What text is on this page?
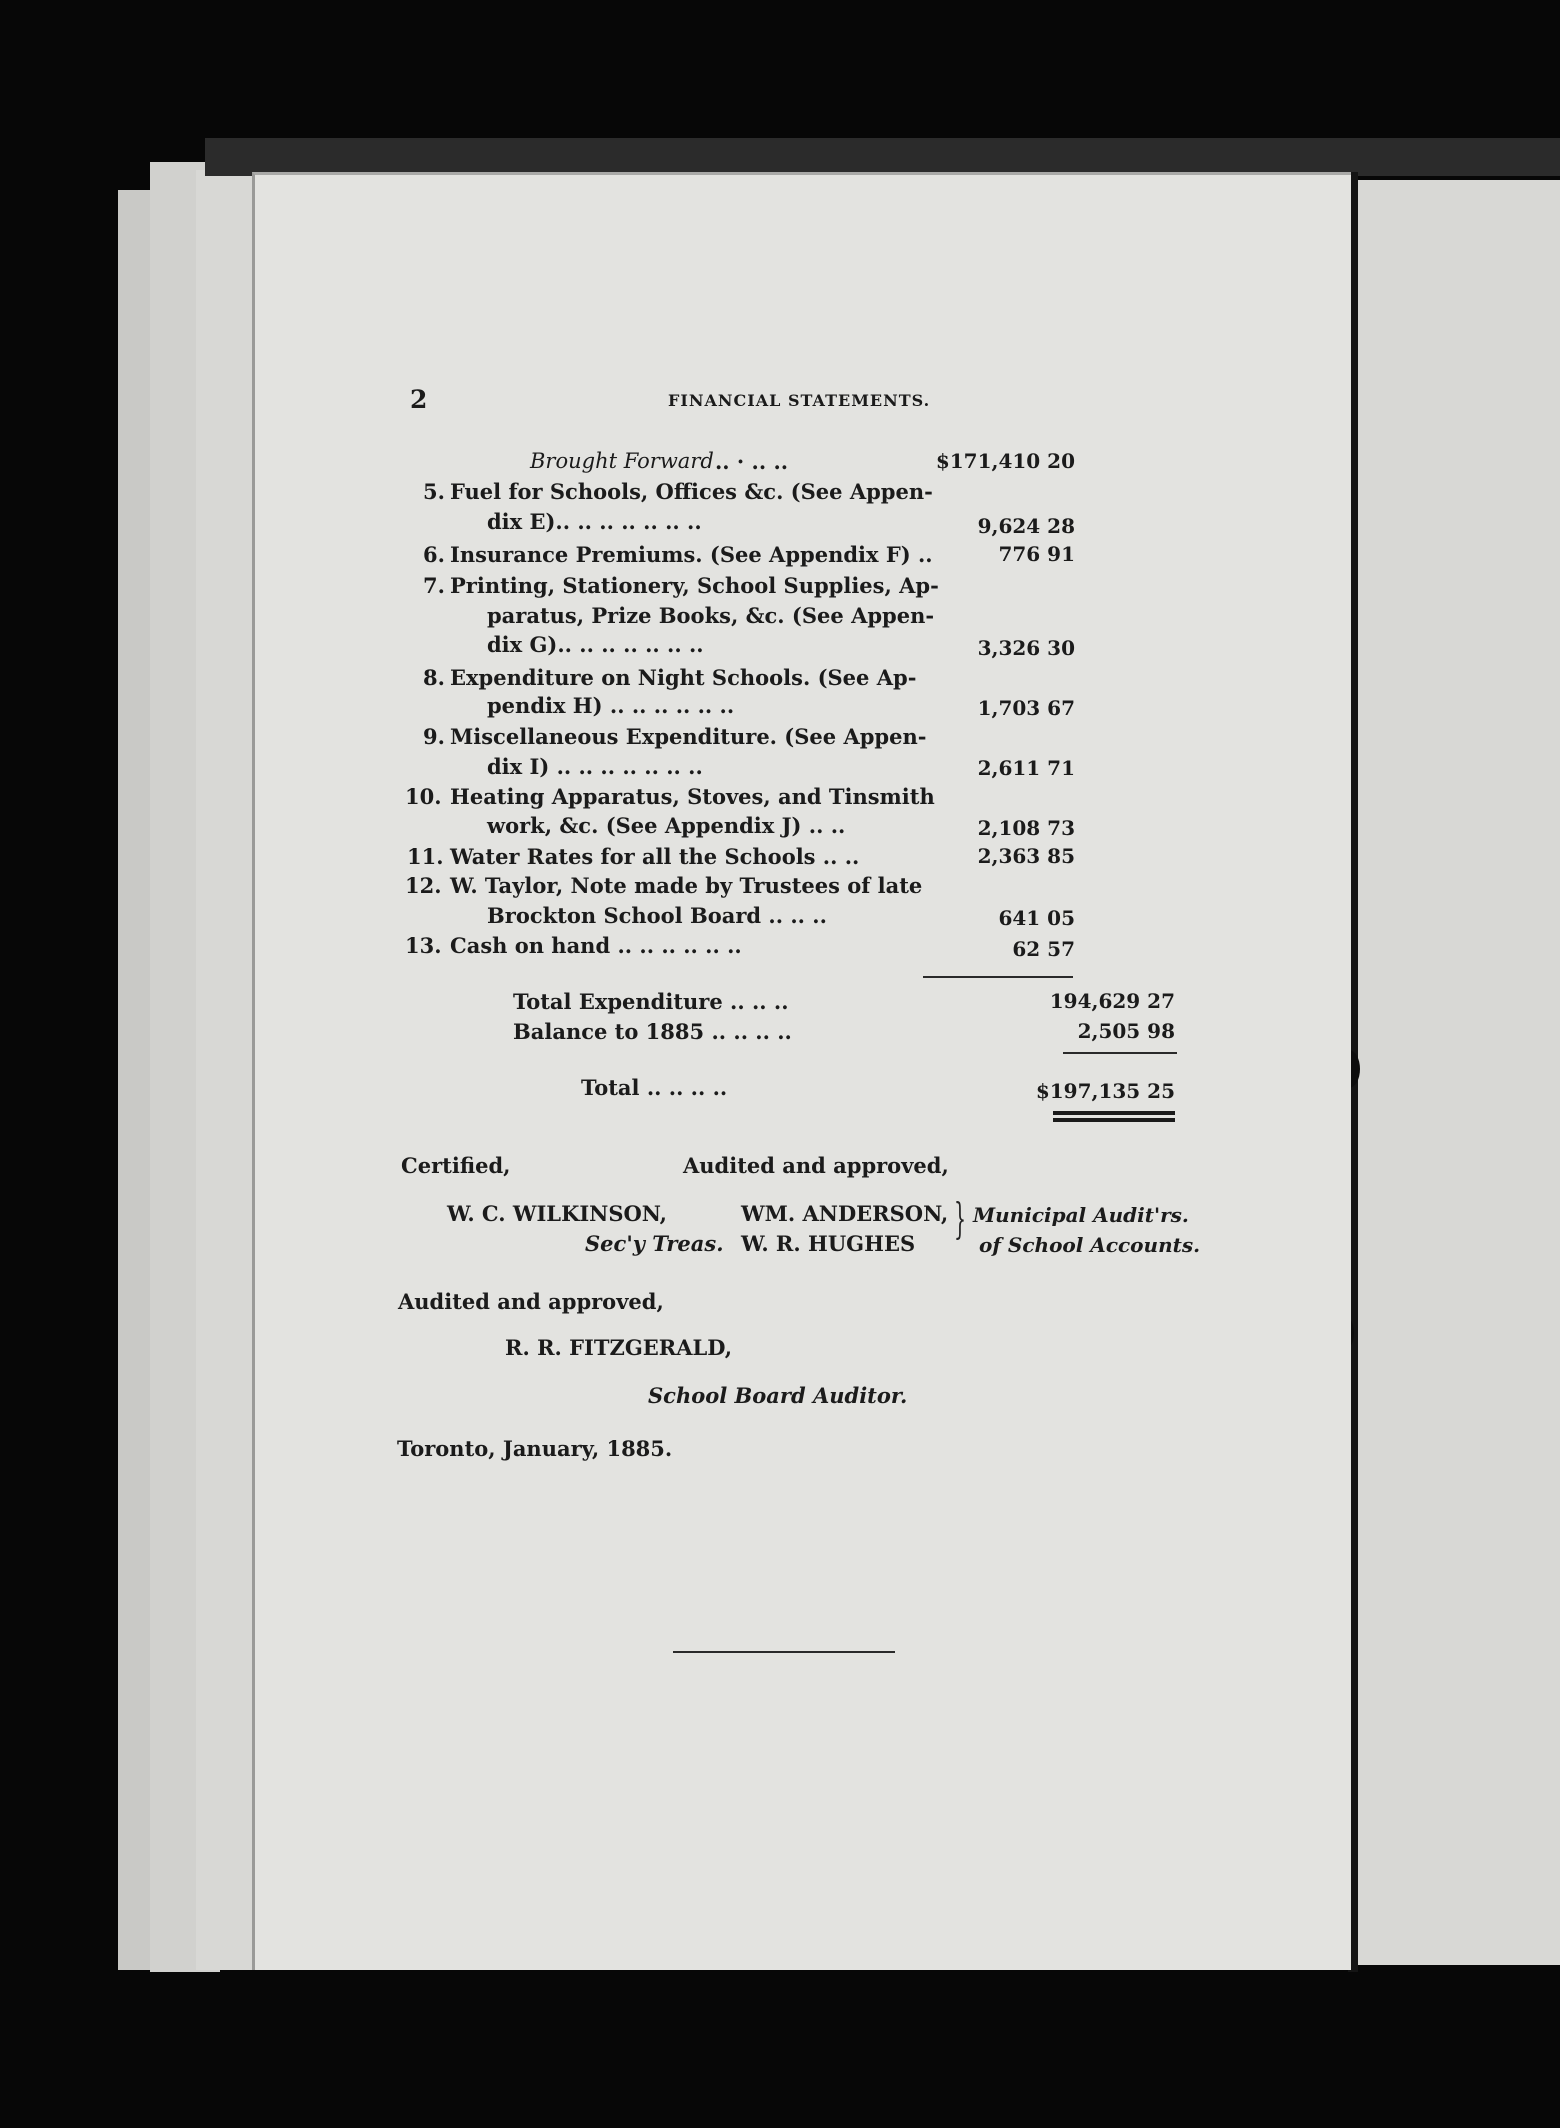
2	FINANCIAL STATEMENTS.
Brought Forward .. · .. ..	$171,410 20
5. Fuel for Schools, Offices &c. (See Appen-
dix E).. .. .. .. .. .. ..	9,624 28
6. Insurance Premiums. (See Appendix F) ..	776 91
7. Printing, Stationery, School Supplies, Ap-
paratus, Prize Books, &c. (See Appen-
dix G).. .. .. .. .. .. ..	3,326 30
8. Expenditure on Night Schools. (See Ap-
pendix H) .. .. .. .. .. ..	1,703 67
9. Miscellaneous Expenditure. (See Appen-
dix I) .. .. .. .. .. .. ..	2,611 71
10. Heating Apparatus, Stoves, and Tinsmith
work, &c. (See Appendix J) .. ..	2,108 73
11. Water Rates for all the Schools .. ..	2,363 85
12. W. Taylor, Note made by Trustees of late
Brockton School Board .. .. ..	641 05
13. Cash on hand .. .. .. .. .. ..	62 57
Total Expenditure .. .. ..	194,629 27
Balance to 1885 .. .. .. ..	2,505 98
Total .. .. .. ..	$197,135 25
Certified,	Audited and approved,
W. C. WILKINSON,	WM. ANDERSON, Municipal Audit'rs.
Sec'y Treas. W. R. HUGHES	of School Accounts.
Audited and approved,
R. R. FITZGERALD,
School Board Auditor.
Toronto, January, 1885.
}
